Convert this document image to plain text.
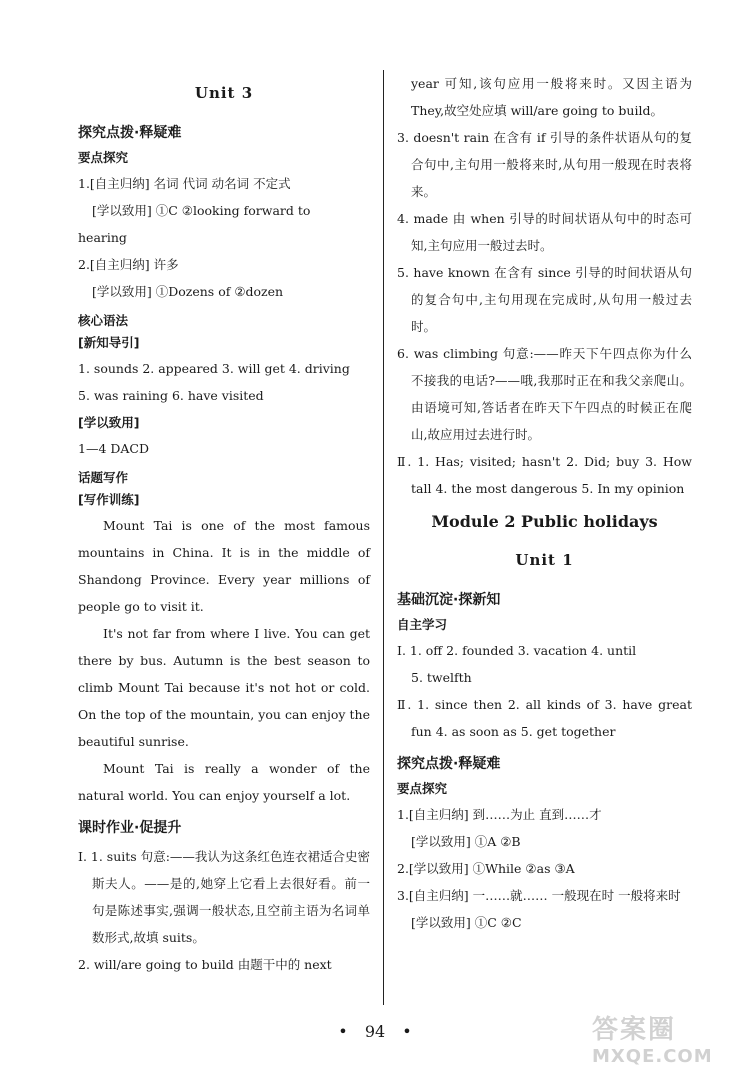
Unit 3
探究点拨·释疑难
要点探究
1.[自主归纳] 名词 代词 动名词 不定式
[学以致用] ①C ②looking forward to
hearing
2.[自主归纳] 许多
[学以致用] ①Dozens of ②dozen
核心语法
[新知导引]
1. sounds 2. appeared 3. will get 4. driving
5. was raining 6. have visited
[学以致用]
1—4 DACD
话题写作
[写作训练]
Mount Tai is one of the most famous mountains in China. It is in the middle of Shandong Province. Every year millions of people go to visit it.
It's not far from where I live. You can get there by bus. Autumn is the best season to climb Mount Tai because it's not hot or cold. On the top of the mountain, you can enjoy the beautiful sunrise.
Mount Tai is really a wonder of the natural world. You can enjoy yourself a lot.
课时作业·促提升
Ⅰ. 1. suits 句意:——我认为这条红色连衣裙适合史密斯夫人。——是的,她穿上它看上去很好看。前一句是陈述事实,强调一般状态,且空前主语为名词单数形式,故填 suits。
2. will/are going to build 由题干中的 next
year 可知,该句应用一般将来时。又因主语为 They,故空处应填 will/are going to build。
3. doesn't rain 在含有 if 引导的条件状语从句的复合句中,主句用一般将来时,从句用一般现在时表将来。
4. made 由 when 引导的时间状语从句中的时态可知,主句应用一般过去时。
5. have known 在含有 since 引导的时间状语从句的复合句中,主句用现在完成时,从句用一般过去时。
6. was climbing 句意:——昨天下午四点你为什么不接我的电话?——哦,我那时正在和我父亲爬山。由语境可知,答话者在昨天下午四点的时候正在爬山,故应用过去进行时。
Ⅱ. 1. Has; visited; hasn't 2. Did; buy 3. How tall 4. the most dangerous 5. In my opinion
Module 2 Public holidays
Unit 1
基础沉淀·探新知
自主学习
Ⅰ. 1. off 2. founded 3. vacation 4. until
5. twelfth
Ⅱ. 1. since then 2. all kinds of 3. have great fun 4. as soon as 5. get together
探究点拨·释疑难
要点探究
1.[自主归纳] 到……为止 直到……才
[学以致用] ①A ②B
2.[学以致用] ①While ②as ③A
3.[自主归纳] 一……就…… 一般现在时 一般将来时
[学以致用] ①C ②C
• 94 •	答案圈
MXQE.COM
